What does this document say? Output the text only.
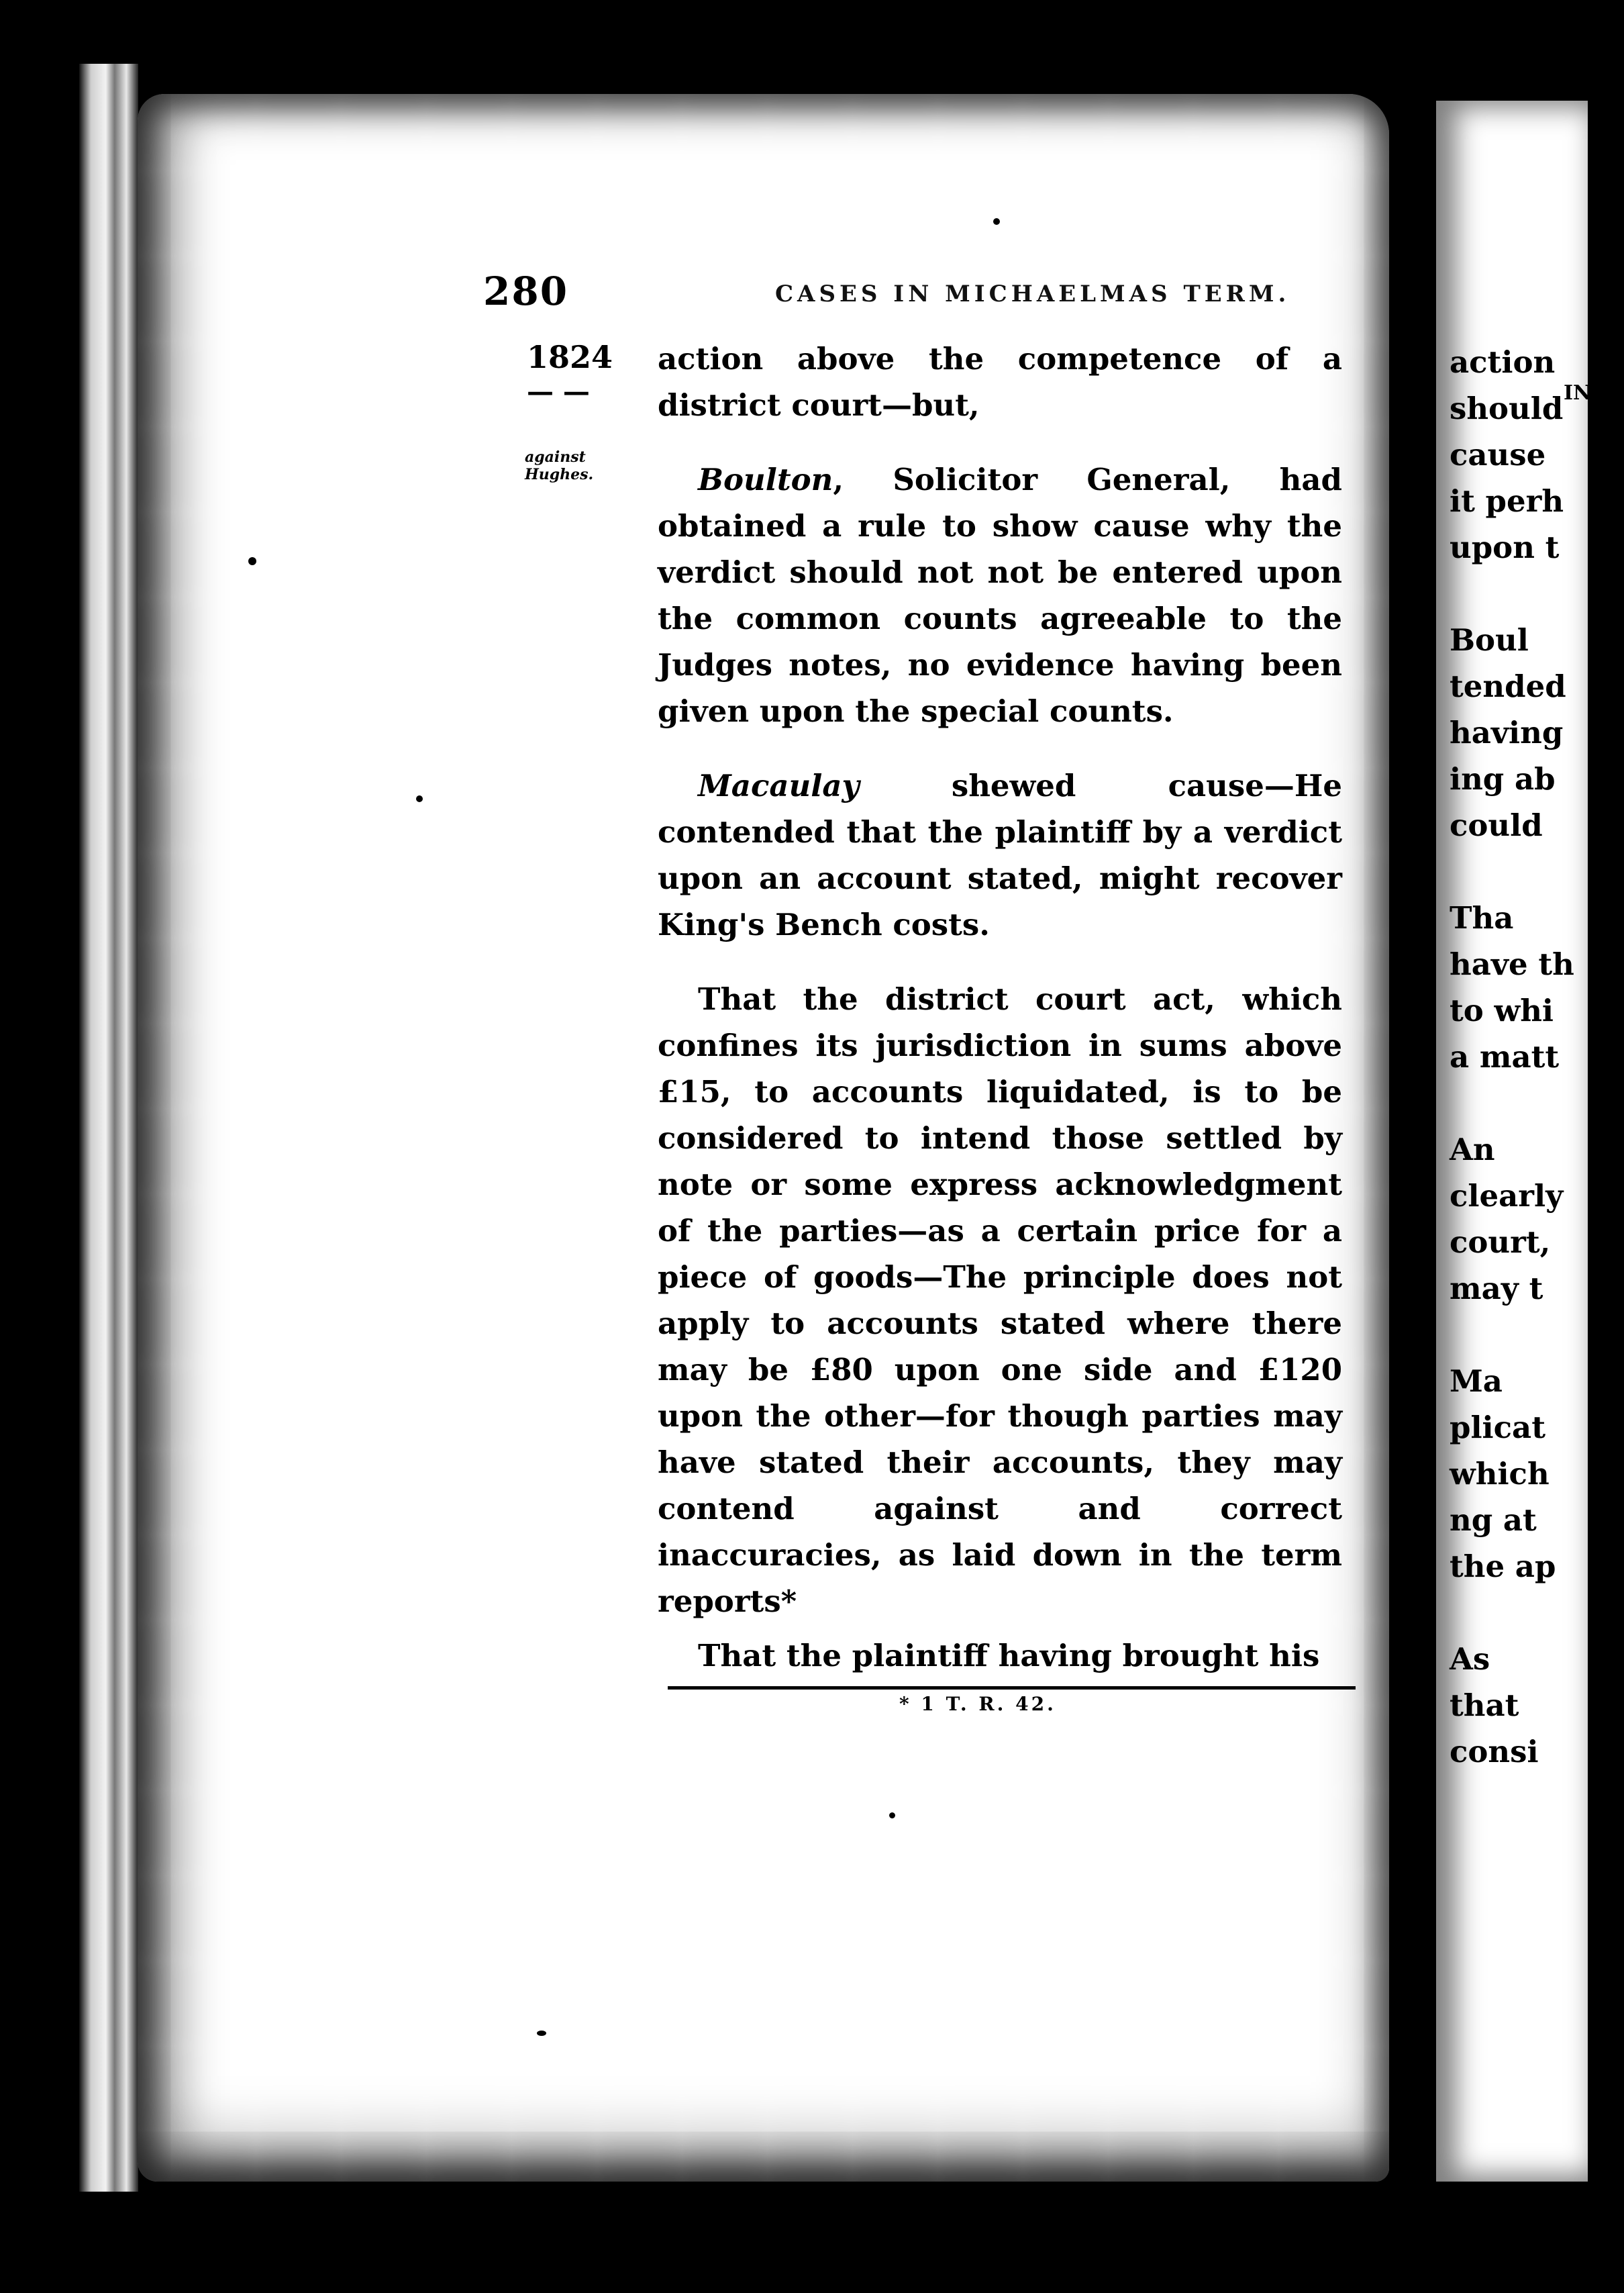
280	CASES IN MICHAELMAS TERM.
1824
— —
against Hughes.

action above the competence of a district court—but,

Boulton, Solicitor General, had obtained a rule to show cause why the verdict should not not be entered upon the common counts agreeable to the Judges notes, no evidence having been given upon the special counts.

Macaulay shewed cause—He contended that the plaintiff by a verdict upon an account stated, might recover King's Bench costs.

That the district court act, which confines its jurisdiction in sums above £15, to accounts liquidated, is to be considered to intend those settled by note or some express acknowledgment of the parties—as a certain price for a piece of goods—The principle does not apply to accounts stated where there may be £80 upon one side and £120 upon the other—for though parties may have stated their accounts, they may contend against and correct inaccuracies, as laid down in the term reports*

That the plaintiff having brought his

* 1 T. R. 42.
IN
action
should
cause
it perh
upon t
Boul
tended
having
ing ab
could
Tha
have th
to whi
a matt
An
clearly
court,
may t
Ma
plicat
which
ng at
the ap
As
that
consi
